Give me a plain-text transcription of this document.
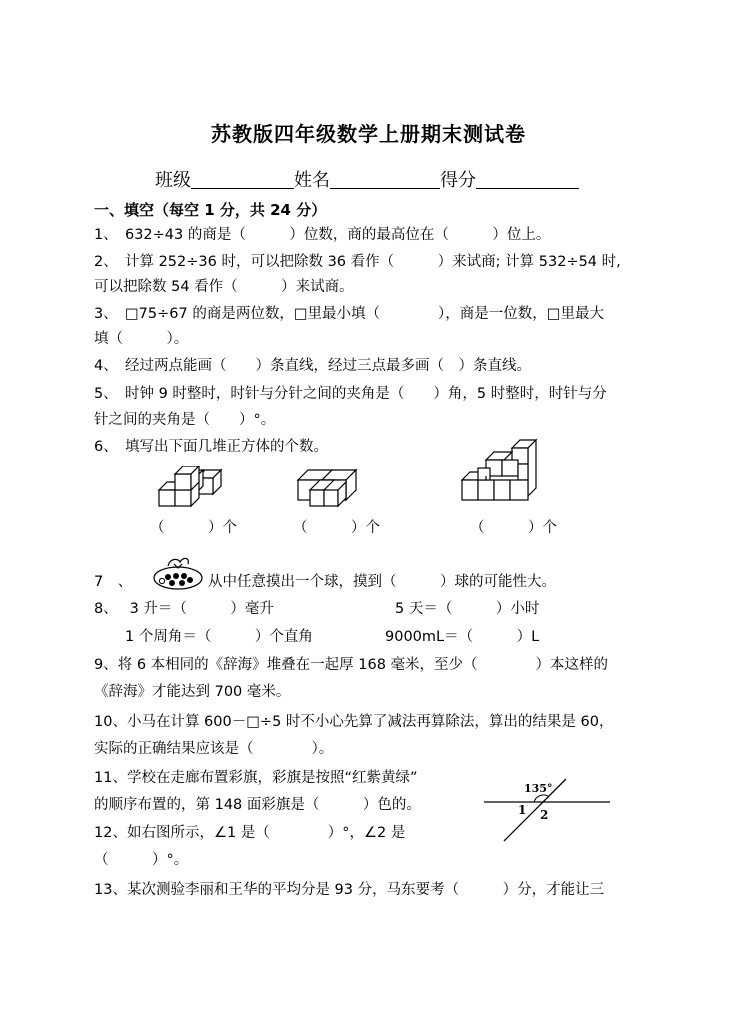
苏教版四年级数学上册期末测试卷
班级	姓名	得分
一、填空（每空 1 分，共 24 分）
1、　632÷43 的商是（　　　）位数，商的最高位在（　　　）位上。
2、　计算 252÷36 时，可以把除数 36 看作（　　　）来试商; 计算 532÷54 时,
可以把除数 54 看作（　　　）来试商。
3、　□75÷67 的商是两位数，□里最小填（　　　　），商是一位数，□里最大
填（　　　）。
4、　经过两点能画（　　）条直线，经过三点最多画（　）条直线。
5、　时钟 9 时整时，时针与分针之间的夹角是（　　）角，5 时整时，时针与分
针之间的夹角是（　　）°。
6、　填写出下面几堆正方体的个数。
（　　　）个	（　　　）个	（　　　）个
7　、	从中任意摸出一个球，摸到（　　　）球的可能性大。
8、　 3 升＝（　　　）毫升	5 天＝（　　　）小时
1 个周角＝（　　　）个直角	9000mL＝（　　　）L
9、将 6 本相同的《辞海》堆叠在一起厚 168 毫米，至少（　　　　）本这样的
《辞海》才能达到 700 毫米。
10、小马在计算 600－□÷5 时不小心先算了减法再算除法，算出的结果是 60，
实际的正确结果应该是（　　　　）。
11、学校在走廊布置彩旗，彩旗是按照“红紫黄绿”
的顺序布置的，第 148 面彩旗是（　　　）色的。
12、如右图所示，∠1 是（　　　　）°，∠2 是
（　　　）°。
13、某次测验李丽和王华的平均分是 93 分，马东要考（　　　）分，才能让三
135°
1 2
